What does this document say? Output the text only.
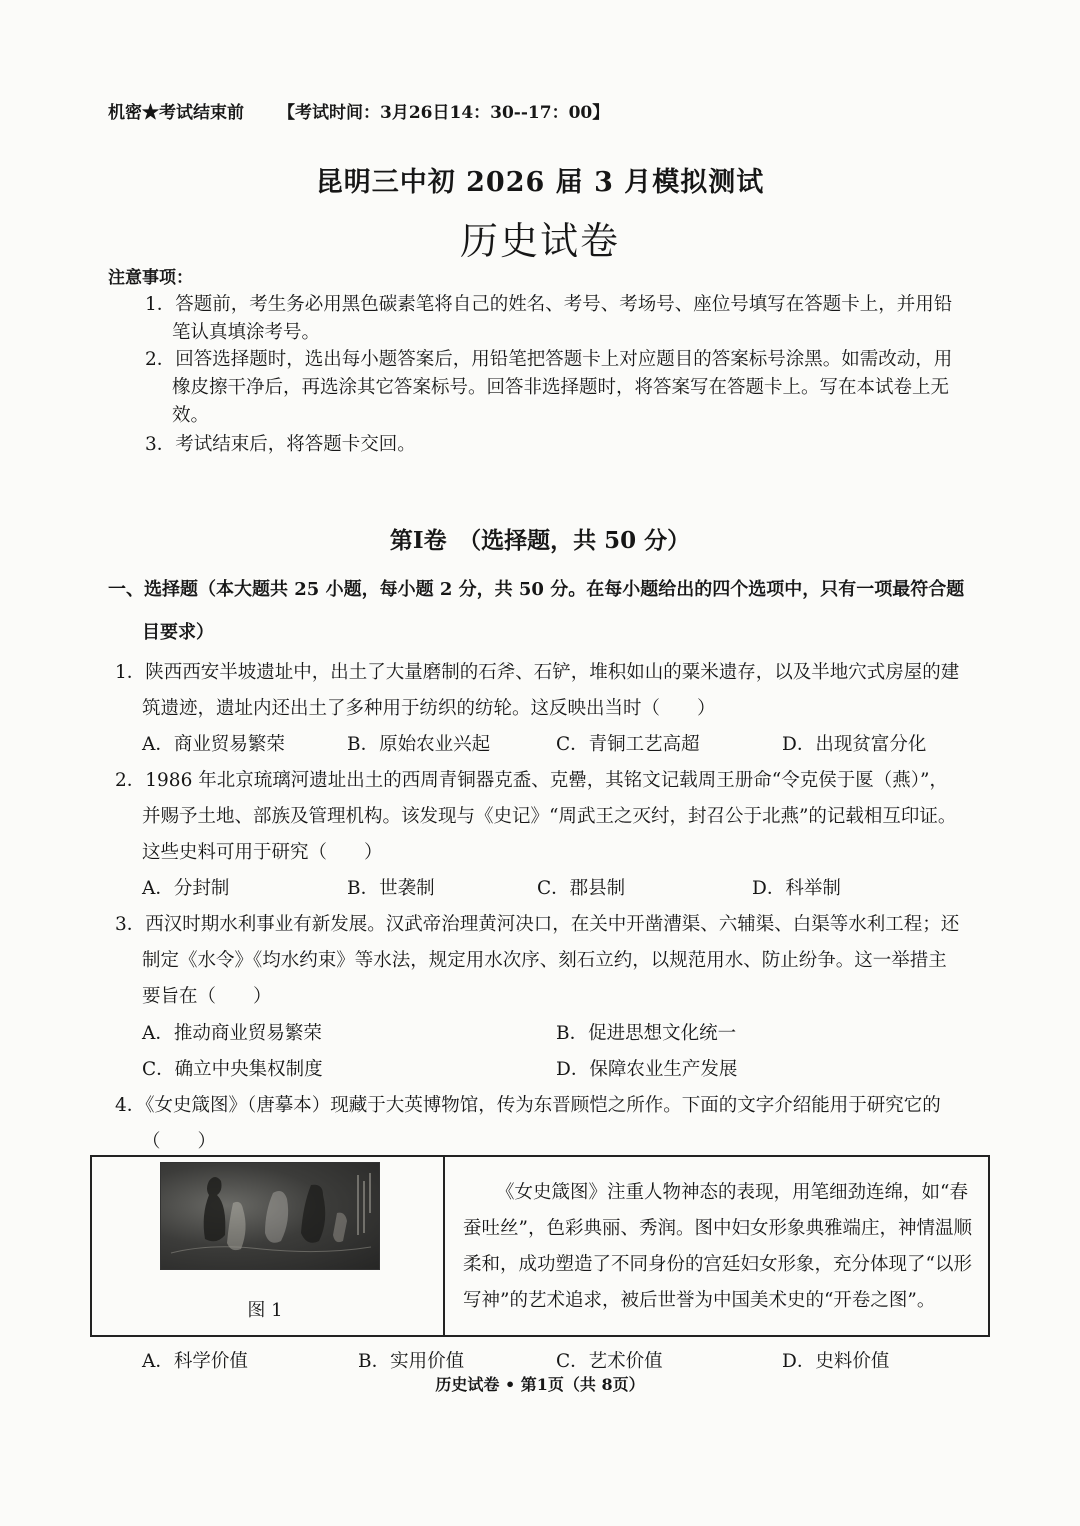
机密★考试结束前 【考试时间：3月26日14：30--17：00】
昆明三中初 2026 届 3 月模拟测试
历史试卷
注意事项：
1．答题前，考生务必用黑色碳素笔将自己的姓名、考号、考场号、座位号填写在答题卡上，并用铅
笔认真填涂考号。
2．回答选择题时，选出每小题答案后，用铅笔把答题卡上对应题目的答案标号涂黑。如需改动，用
橡皮擦干净后，再选涂其它答案标号。回答非选择题时，将答案写在答题卡上。写在本试卷上无
效。
3．考试结束后，将答题卡交回。
第I卷　（选择题，共 50 分）
一、选择题（本大题共 25 小题，每小题 2 分，共 50 分。在每小题给出的四个选项中，只有一项最符合题
目要求）
1．陕西西安半坡遗址中，出土了大量磨制的石斧、石铲，堆积如山的粟米遗存，以及半地穴式房屋的建
筑遗迹，遗址内还出土了多种用于纺织的纺轮。这反映出当时（　　）
A．商业贸易繁荣	B．原始农业兴起	C．青铜工艺高超	D．出现贫富分化
2．1986 年北京琉璃河遗址出土的西周青铜器克盉、克罍，其铭文记载周王册命“令克侯于匽（燕）”，
并赐予土地、部族及管理机构。该发现与《史记》“周武王之灭纣，封召公于北燕”的记载相互印证。
这些史料可用于研究（　　）
A．分封制	B．世袭制	C．郡县制	D．科举制
3．西汉时期水利事业有新发展。汉武帝治理黄河决口，在关中开凿漕渠、六辅渠、白渠等水利工程；还
制定《水令》《均水约束》等水法，规定用水次序、刻石立约，以规范用水、防止纷争。这一举措主
要旨在（　　）
A．推动商业贸易繁荣	B．促进思想文化统一
C．确立中央集权制度	D．保障农业生产发展
4．《女史箴图》（唐摹本）现藏于大英博物馆，传为东晋顾恺之所作。下面的文字介绍能用于研究它的
（　　）
图 1
《女史箴图》注重人物神态的表现，用笔细劲连绵，如“春
蚕吐丝”，色彩典丽、秀润。图中妇女形象典雅端庄，神情温顺
柔和，成功塑造了不同身份的宫廷妇女形象，充分体现了“以形
写神”的艺术追求，被后世誉为中国美术史的“开卷之图”。
A．科学价值	B．实用价值	C．艺术价值	D．史料价值
历史试卷 • 第1页（共 8页）
